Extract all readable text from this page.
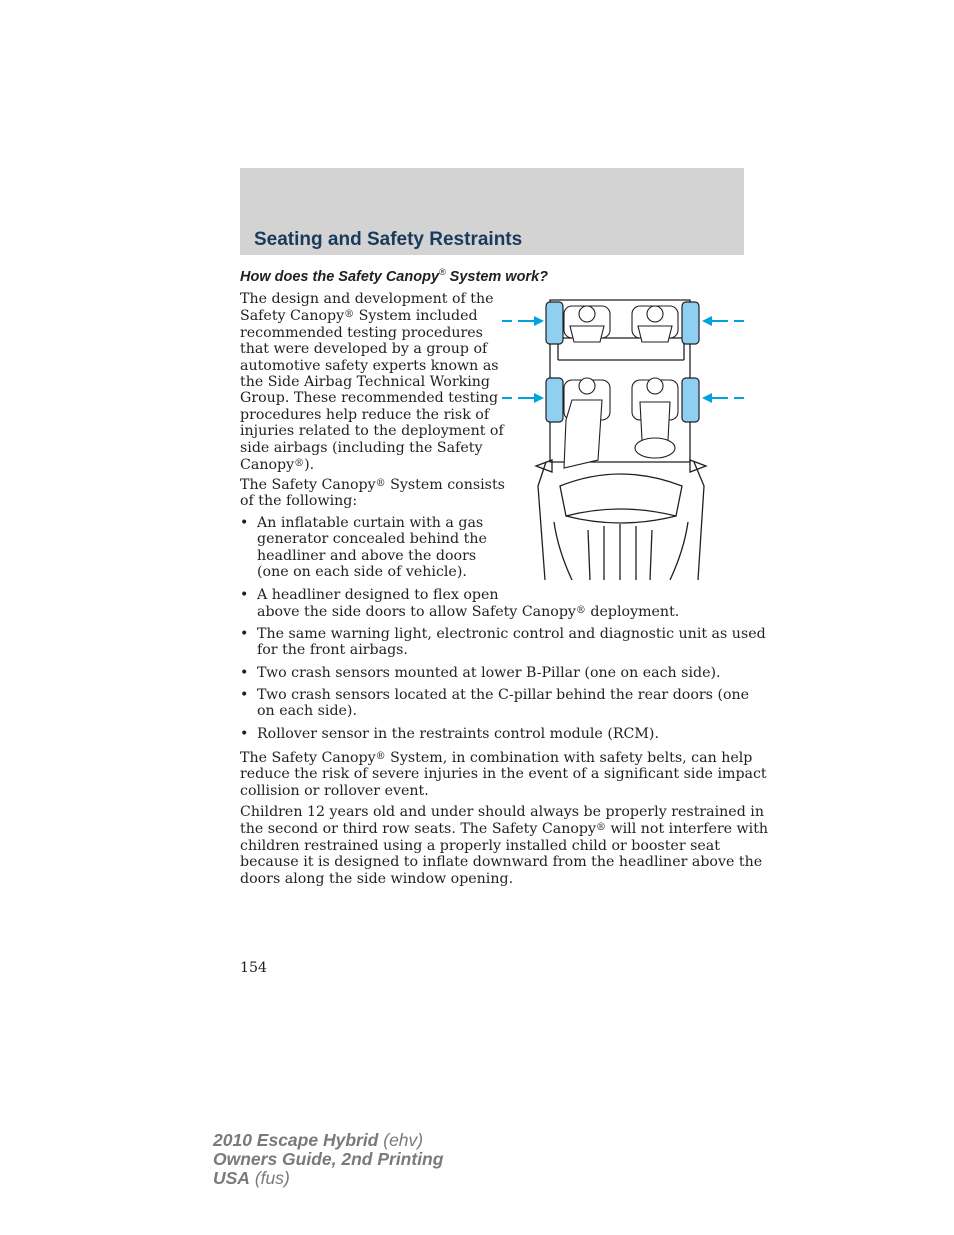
Seating and Safety Restraints
How does the Safety Canopy® System work?
The design and development of the
Safety Canopy® System included
recommended testing procedures
that were developed by a group of
automotive safety experts known as
the Side Airbag Technical Working
Group. These recommended testing
procedures help reduce the risk of
injuries related to the deployment of
side airbags (including the Safety
Canopy®).
The Safety Canopy® System consists
of the following:
• An inflatable curtain with a gas
generator concealed behind the
headliner and above the doors
(one on each side of vehicle).
• A headliner designed to flex open
above the side doors to allow Safety Canopy® deployment.
• The same warning light, electronic control and diagnostic unit as used
for the front airbags.
• Two crash sensors mounted at lower B-Pillar (one on each side).
• Two crash sensors located at the C-pillar behind the rear doors (one
on each side).
• Rollover sensor in the restraints control module (RCM).
The Safety Canopy® System, in combination with safety belts, can help
reduce the risk of severe injuries in the event of a significant side impact
collision or rollover event.
Children 12 years old and under should always be properly restrained in
the second or third row seats. The Safety Canopy® will not interfere with
children restrained using a properly installed child or booster seat
because it is designed to inflate downward from the headliner above the
doors along the side window opening.

154

2010 Escape Hybrid (ehv)
Owners Guide, 2nd Printing
USA (fus)
